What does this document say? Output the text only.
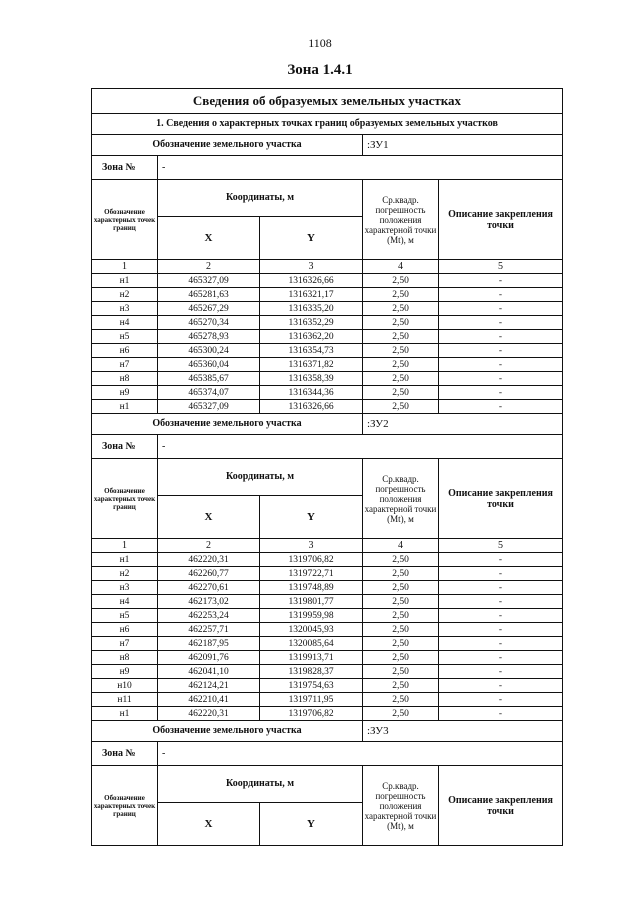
1108
Зона 1.4.1
Сведения об образуемых земельных участках				
1. Сведения о характерных точках границ образуемых земельных участков				
Обозначение земельного участка			:ЗУ1	
Зона №	-			
Обозначение характерных точек границ	Координаты, м		Ср.квадр. погрешность положения характерной точки (Mt), м	Описание закрепления точки
	X	Y		
1	2	3	4	5
н1	465327,09	1316326,66	2,50	-
н2	465281,63	1316321,17	2,50	-
н3	465267,29	1316335,20	2,50	-
н4	465270,34	1316352,29	2,50	-
н5	465278,93	1316362,20	2,50	-
н6	465300,24	1316354,73	2,50	-
н7	465360,04	1316371,82	2,50	-
н8	465385,67	1316358,39	2,50	-
н9	465374,07	1316344,36	2,50	-
н1	465327,09	1316326,66	2,50	-
Обозначение земельного участка			:ЗУ2	
Зона №	-			
Обозначение характерных точек границ	Координаты, м		Ср.квадр. погрешность положения характерной точки (Mt), м	Описание закрепления точки
	X	Y		
1	2	3	4	5
н1	462220,31	1319706,82	2,50	-
н2	462260,77	1319722,71	2,50	-
н3	462270,61	1319748,89	2,50	-
н4	462173,02	1319801,77	2,50	-
н5	462253,24	1319959,98	2,50	-
н6	462257,71	1320045,93	2,50	-
н7	462187,95	1320085,64	2,50	-
н8	462091,76	1319913,71	2,50	-
н9	462041,10	1319828,37	2,50	-
н10	462124,21	1319754,63	2,50	-
н11	462210,41	1319711,95	2,50	-
н1	462220,31	1319706,82	2,50	-
Обозначение земельного участка			:ЗУ3	
Зона №	-			
Обозначение характерных точек границ	Координаты, м		Ср.квадр. погрешность положения характерной точки (Mt), м	Описание закрепления точки
	X	Y		
